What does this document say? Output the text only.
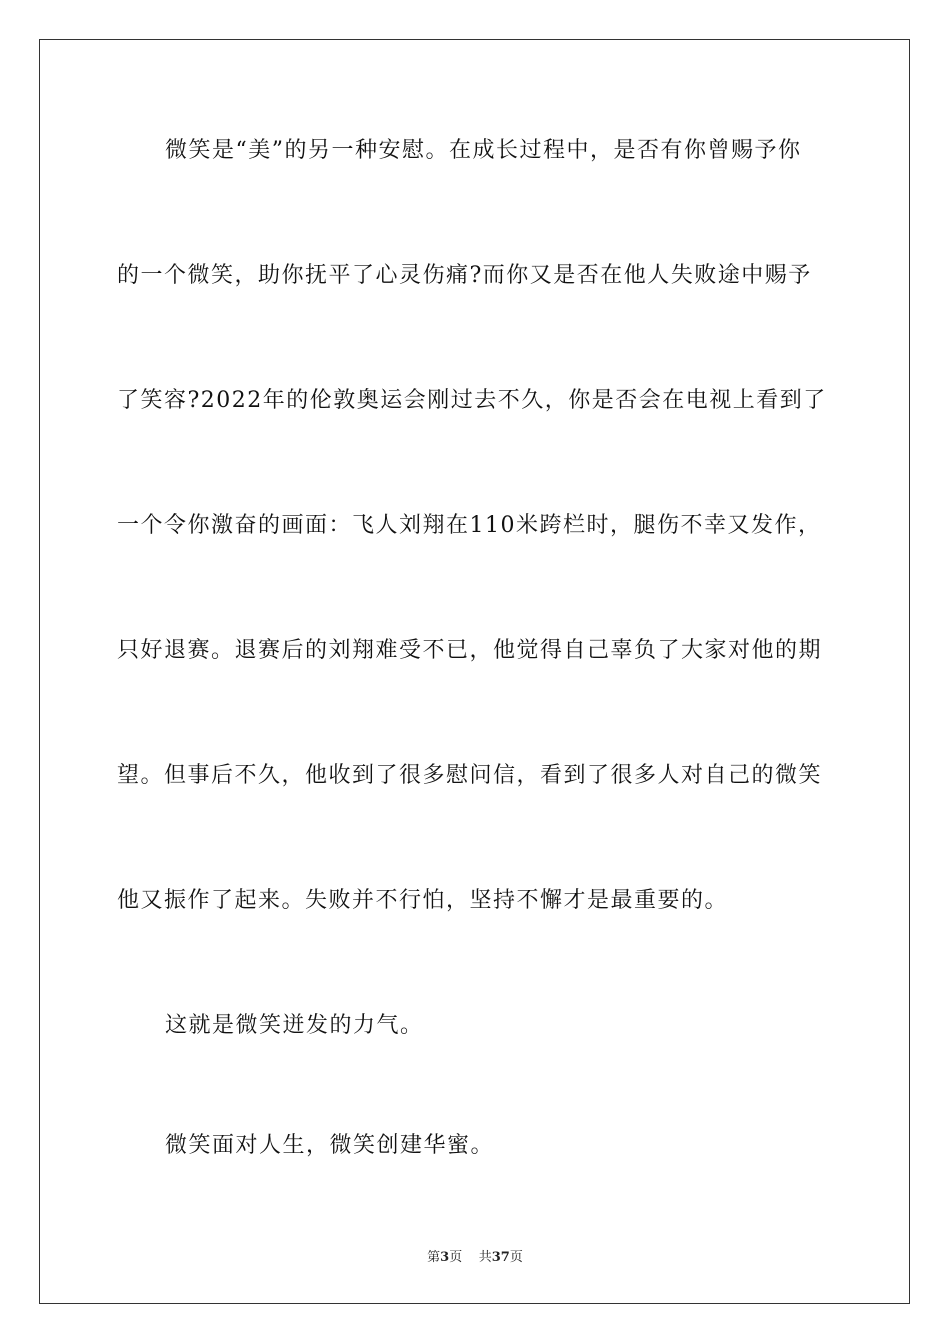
微笑是“美”的另一种安慰。在成长过程中，是否有你曾赐予你
的一个微笑，助你抚平了心灵伤痛?而你又是否在他人失败途中赐予
了笑容?2022年的伦敦奥运会刚过去不久，你是否会在电视上看到了
一个令你激奋的画面：飞人刘翔在110米跨栏时，腿伤不幸又发作，
只好退赛。退赛后的刘翔难受不已，他觉得自己辜负了大家对他的期
望。但事后不久，他收到了很多慰问信，看到了很多人对自己的微笑
他又振作了起来。失败并不行怕，坚持不懈才是最重要的。
这就是微笑迸发的力气。
微笑面对人生，微笑创建华蜜。
第3页 共37页
